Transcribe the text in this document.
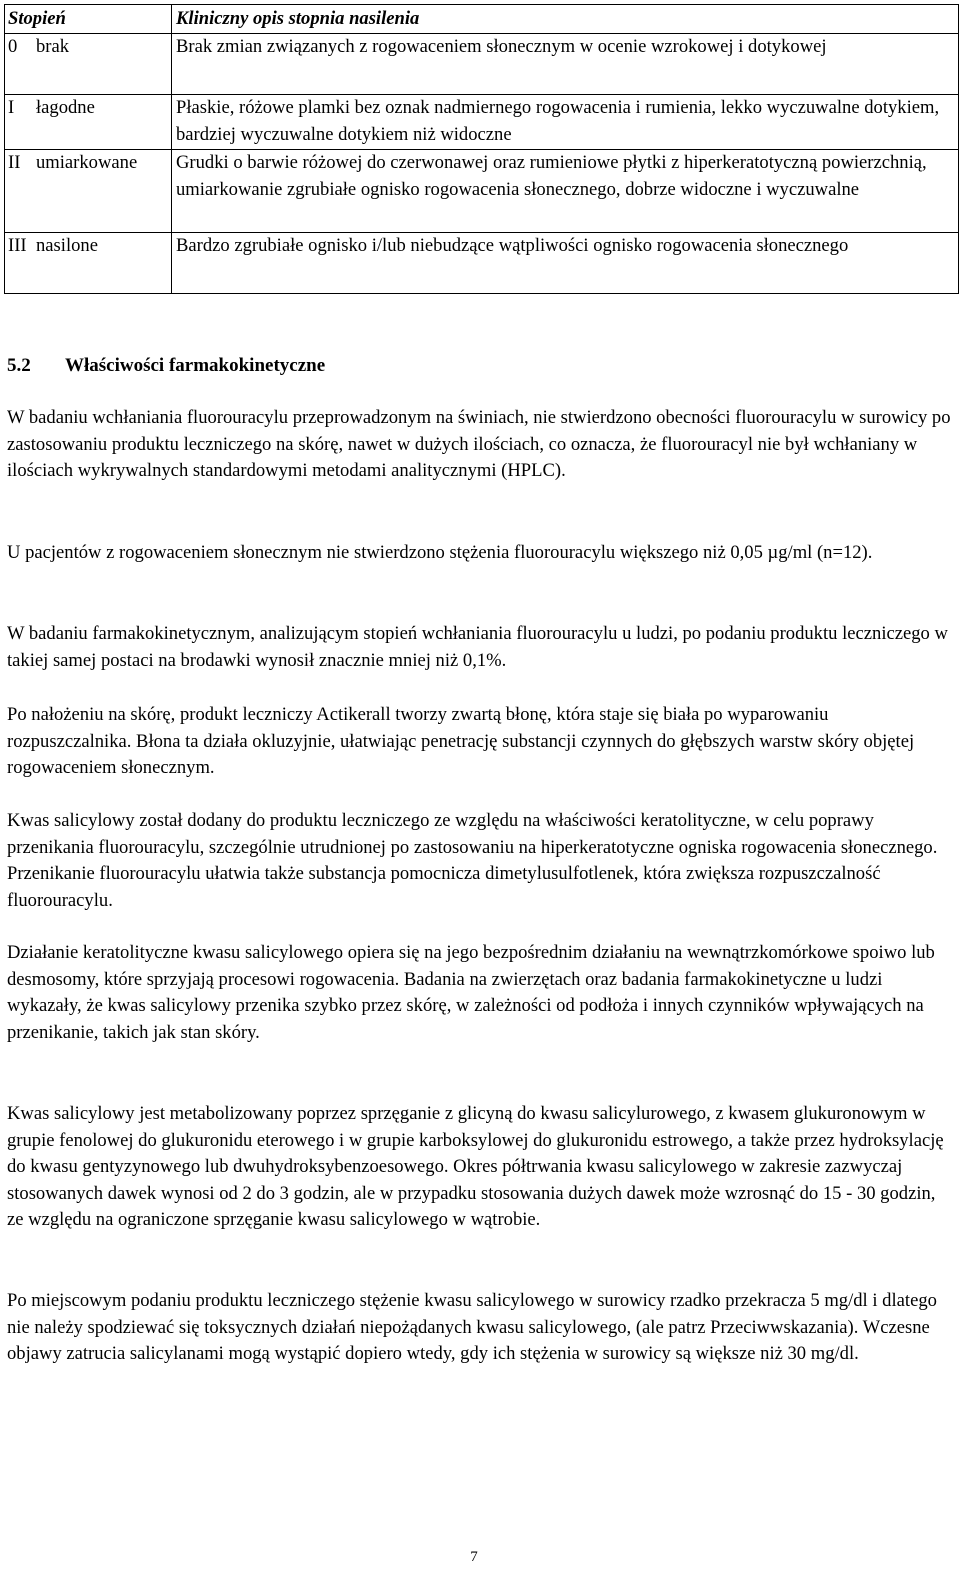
Stopień	Kliniczny opis stopnia nasilenia
0 brak	Brak zmian związanych z rogowaceniem słonecznym w ocenie wzrokowej i dotykowej

I łagodne	Płaskie, różowe plamki bez oznak nadmiernego rogowacenia i rumienia, lekko wyczuwalne dotykiem, bardziej wyczuwalne dotykiem niż widoczne

II umiarkowane	Grudki o barwie różowej do czerwonawej oraz rumieniowe płytki z hiperkeratotyczną powierzchnią, umiarkowanie zgrubiałe ognisko rogowacenia słonecznego, dobrze widoczne i wyczuwalne

III nasilone	Bardzo zgrubiałe ognisko i/lub niebudzące wątpliwości ognisko rogowacenia słonecznego
5.2 Właściwości farmakokinetyczne

W badaniu wchłaniania fluorouracylu przeprowadzonym na świniach, nie stwierdzono obecności fluorouracylu w surowicy po zastosowaniu produktu leczniczego na skórę, nawet w dużych ilościach, co oznacza, że fluorouracyl nie był wchłaniany w ilościach wykrywalnych standardowymi metodami analitycznymi (HPLC).

U pacjentów z rogowaceniem słonecznym nie stwierdzono stężenia fluorouracylu większego niż 0,05 µg/ml (n=12).

W badaniu farmakokinetycznym, analizującym stopień wchłaniania fluorouracylu u ludzi, po podaniu produktu leczniczego w takiej samej postaci na brodawki wynosił znacznie mniej niż 0,1%.

Po nałożeniu na skórę, produkt leczniczy Actikerall tworzy zwartą błonę, która staje się biała po wyparowaniu rozpuszczalnika. Błona ta działa okluzyjnie, ułatwiając penetrację substancji czynnych do głębszych warstw skóry objętej rogowaceniem słonecznym.

Kwas salicylowy został dodany do produktu leczniczego ze względu na właściwości keratolityczne, w celu poprawy przenikania fluorouracylu, szczególnie utrudnionej po zastosowaniu na hiperkeratotyczne ogniska rogowacenia słonecznego. Przenikanie fluorouracylu ułatwia także substancja pomocnicza dimetylusulfotlenek, która zwiększa rozpuszczalność fluorouracylu.

Działanie keratolityczne kwasu salicylowego opiera się na jego bezpośrednim działaniu na wewnątrzkomórkowe spoiwo lub desmosomy, które sprzyjają procesowi rogowacenia. Badania na zwierzętach oraz badania farmakokinetyczne u ludzi wykazały, że kwas salicylowy przenika szybko przez skórę, w zależności od podłoża i innych czynników wpływających na przenikanie, takich jak stan skóry.

Kwas salicylowy jest metabolizowany poprzez sprzęganie z glicyną do kwasu salicylurowego, z kwasem glukuronowym w grupie fenolowej do glukuronidu eterowego i w grupie karboksylowej do glukuronidu estrowego, a także przez hydroksylację do kwasu gentyzynowego lub dwuhydroksybenzoesowego. Okres półtrwania kwasu salicylowego w zakresie zazwyczaj stosowanych dawek wynosi od 2 do 3 godzin, ale w przypadku stosowania dużych dawek może wzrosnąć do 15 - 30 godzin, ze względu na ograniczone sprzęganie kwasu salicylowego w wątrobie.

Po miejscowym podaniu produktu leczniczego stężenie kwasu salicylowego w surowicy rzadko przekracza 5 mg/dl i dlatego nie należy spodziewać się toksycznych działań niepożądanych kwasu salicylowego, (ale patrz Przeciwwskazania). Wczesne objawy zatrucia salicylanami mogą wystąpić dopiero wtedy, gdy ich stężenia w surowicy są większe niż 30 mg/dl.

7
